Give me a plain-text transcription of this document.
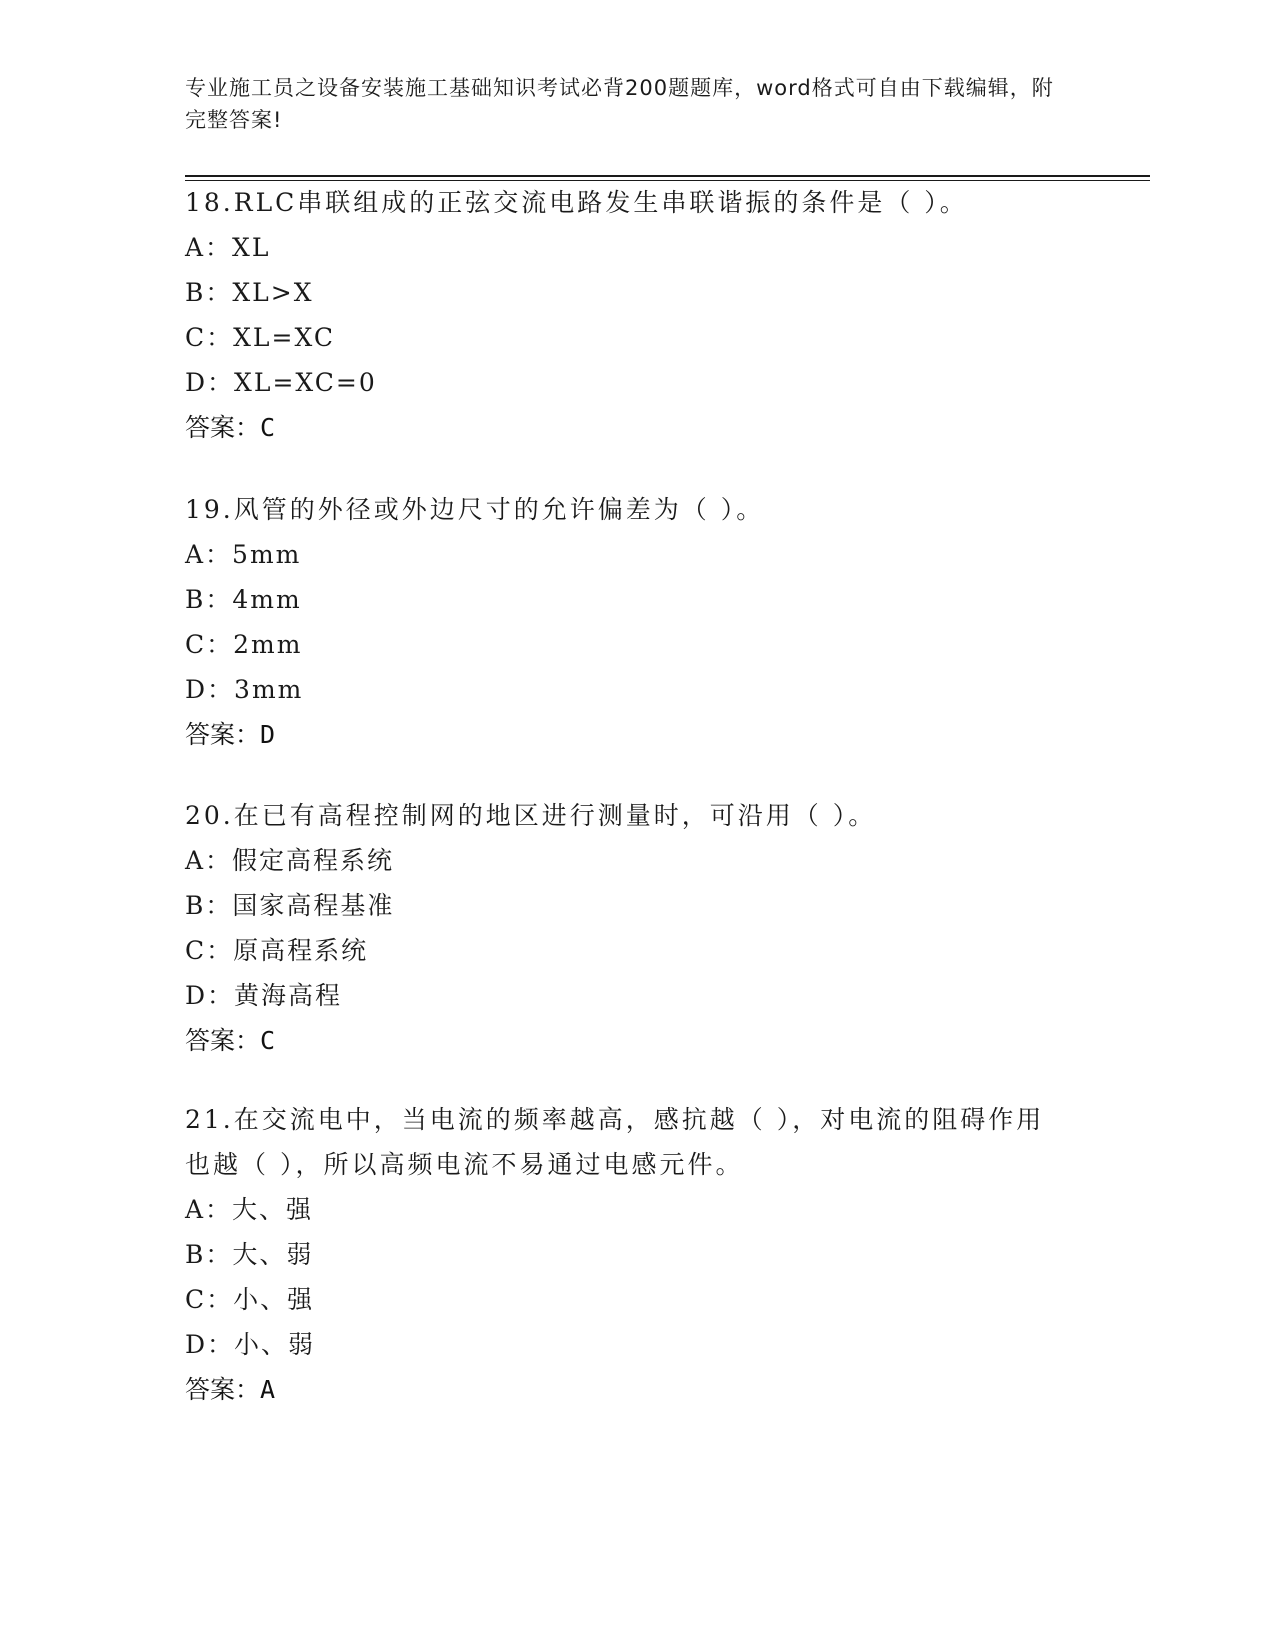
专业施工员之设备安装施工基础知识考试必背200题题库，word格式可自由下载编辑，附完整答案!
18.RLC串联组成的正弦交流电路发生串联谐振的条件是（ ）。
A：XL
B：XL>X
C：XL=XC
D：XL=XC=0
答案：C
19.风管的外径或外边尺寸的允许偏差为（ ）。
A：5mm
B：4mm
C：2mm
D：3mm
答案：D
20.在已有高程控制网的地区进行测量时，可沿用（ ）。
A：假定高程系统
B：国家高程基准
C：原高程系统
D：黄海高程
答案：C
21.在交流电中，当电流的频率越高，感抗越（ ），对电流的阻碍作用也越（ ），所以高频电流不易通过电感元件。
A：大、强
B：大、弱
C：小、强
D：小、弱
答案：A
